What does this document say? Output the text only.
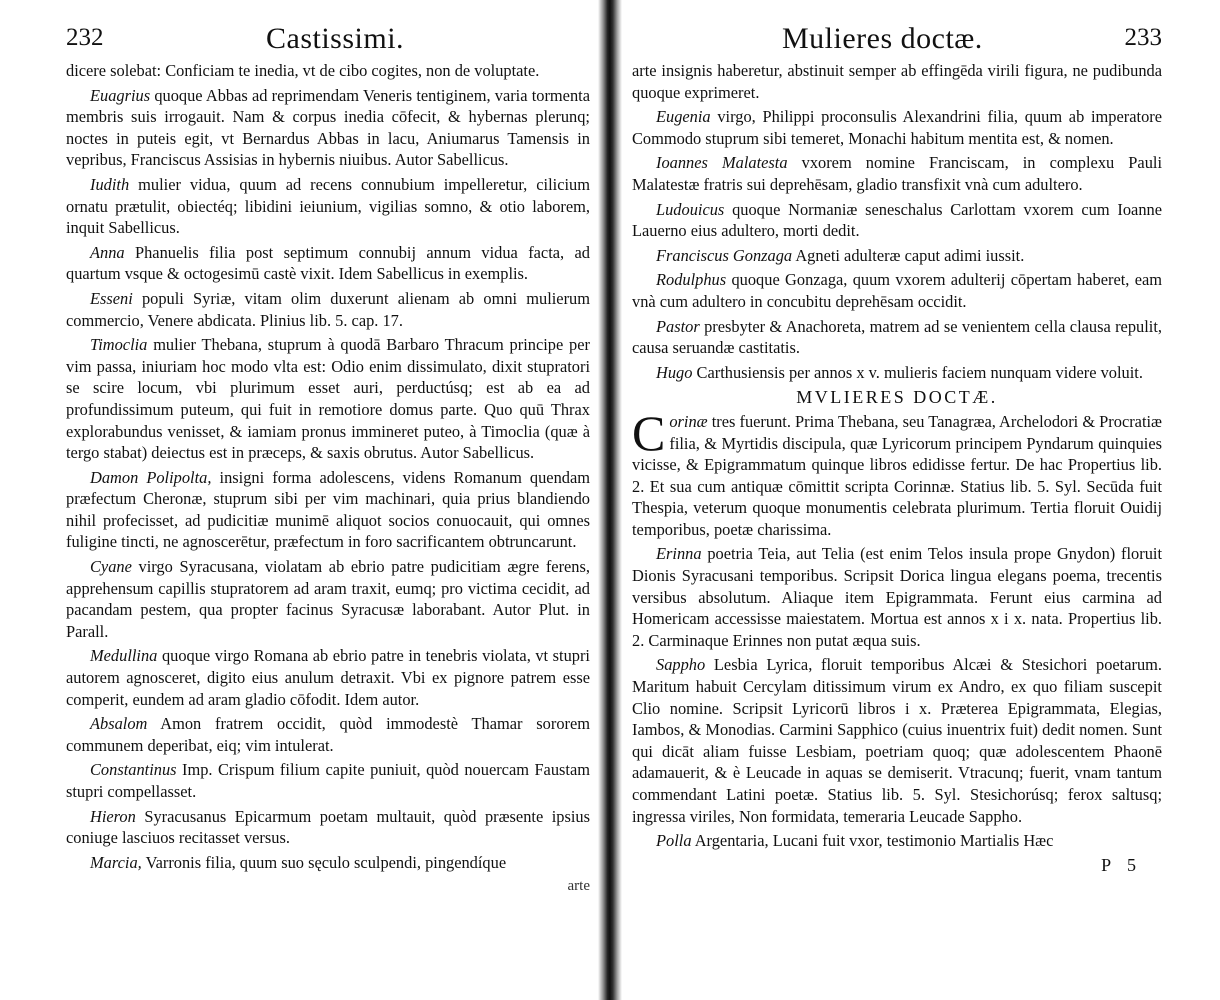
232	Castissimi.

dicere solebat: Conficiam te inedia, vt de cibo cogites, non de voluptate.

Euagrius quoque Abbas ad reprimendam Veneris tentiginem, varia tormenta membris suis irrogauit. Nam & corpus inedia cōfecit, & hybernas plerunq; noctes in puteis egit, vt Bernardus Abbas in lacu, Aniumarus Tamensis in vepribus, Franciscus Assisias in hybernis niuibus. Autor Sabellicus.

Iudith mulier vidua, quum ad recens connubium impelleretur, cilicium ornatu prætulit, obiectéq; libidini ieiunium, vigilias somno, & otio laborem, inquit Sabellicus.

Anna Phanuelis filia post septimum connubij annum vidua facta, ad quartum vsque & octogesimū castè vixit. Idem Sabellicus in exemplis.

Esseni populi Syriæ, vitam olim duxerunt alienam ab omni mulierum commercio, Venere abdicata. Plinius lib. 5. cap. 17.

Timoclia mulier Thebana, stuprum à quodā Barbaro Thracum principe per vim passa, iniuriam hoc modo vlta est: Odio enim dissimulato, dixit stupratori se scire locum, vbi plurimum esset auri, perductúsq; est ab ea ad profundissimum puteum, qui fuit in remotiore domus parte. Quo quū Thrax explorabundus venisset, & iamiam pronus immineret puteo, à Timoclia (quæ à tergo stabat) deiectus est in præceps, & saxis obrutus. Autor Sabellicus.

Damon Polipolta, insigni forma adolescens, videns Romanum quendam præfectum Cheronæ, stuprum sibi per vim machinari, quia prius blandiendo nihil profecisset, ad pudicitiæ munimē aliquot socios conuocauit, qui omnes fuligine tincti, ne agnoscerētur, præfectum in foro sacrificantem obtruncarunt.

Cyane virgo Syracusana, violatam ab ebrio patre pudicitiam ægre ferens, apprehensum capillis stupratorem ad aram traxit, eumq; pro victima cecidit, ad pacandam pestem, qua propter facinus Syracusæ laborabant. Autor Plut. in Parall.

Medullina quoque virgo Romana ab ebrio patre in tenebris violata, vt stupri autorem agnosceret, digito eius anulum detraxit. Vbi ex pignore patrem esse comperit, eundem ad aram gladio cōfodit. Idem autor.

Absalom Amon fratrem occidit, quòd immodestè Thamar sororem communem deperibat, eiq; vim intulerat.

Constantinus Imp. Crispum filium capite puniuit, quòd nouercam Faustam stupri compellasset.

Hieron Syracusanus Epicarmum poetam multauit, quòd præsente ipsius coniuge lasciuos recitasset versus.

Marcia, Varronis filia, quum suo sęculo sculpendi, pingendíque

arte
Mulieres doctæ.	233

arte insignis haberetur, abstinuit semper ab effingēda virili figura, ne pudibunda quoque exprimeret.

Eugenia virgo, Philippi proconsulis Alexandrini filia, quum ab imperatore Commodo stuprum sibi temeret, Monachi habitum mentita est, & nomen.

Ioannes Malatesta vxorem nomine Franciscam, in complexu Pauli Malatestæ fratris sui deprehēsam, gladio transfixit vnà cum adultero.

Ludouicus quoque Normaniæ seneschalus Carlottam vxorem cum Ioanne Lauerno eius adultero, morti dedit.

Franciscus Gonzaga Agneti adulteræ caput adimi iussit.

Rodulphus quoque Gonzaga, quum vxorem adulterij cōpertam haberet, eam vnà cum adultero in concubitu deprehēsam occidit.

Pastor presbyter & Anachoreta, matrem ad se venientem cella clausa repulit, causa seruandæ castitatis.

Hugo Carthusiensis per annos x v. mulieris faciem nunquam videre voluit.

MVLIERES DOCTÆ.

Corinæ tres fuerunt. Prima Thebana, seu Tanagræa, Archelodori & Procratiæ filia, & Myrtidis discipula, quæ Lyricorum principem Pyndarum quinquies vicisse, & Epigrammatum quinque libros edidisse fertur. De hac Propertius lib. 2. Et sua cum antiquæ cōmittit scripta Corinnæ. Statius lib. 5. Syl. Secūda fuit Thespia, veterum quoque monumentis celebrata plurimum. Tertia floruit Ouidij temporibus, poetæ charissima.

Erinna poetria Teia, aut Telia (est enim Telos insula prope Gnydon) floruit Dionis Syracusani temporibus. Scripsit Dorica lingua elegans poema, trecentis versibus absolutum. Aliaque item Epigrammata. Ferunt eius carmina ad Homericam accessisse maiestatem. Mortua est annos x i x. nata. Propertius lib. 2. Carminaque Erinnes non putat æqua suis.

Sappho Lesbia Lyrica, floruit temporibus Alcæi & Stesichori poetarum. Maritum habuit Cercylam ditissimum virum ex Andro, ex quo filiam suscepit Clio nomine. Scripsit Lyricorū libros i x. Præterea Epigrammata, Elegias, Iambos, & Monodias. Carmini Sapphico (cuius inuentrix fuit) dedit nomen. Sunt qui dicāt aliam fuisse Lesbiam, poetriam quoq; quæ adolescentem Phaonē adamauerit, & è Leucade in aquas se demiserit. Vtracunq; fuerit, vnam tantum commendant Latini poetæ. Statius lib. 5. Syl. Stesichorúsq; ferox saltusq; ingressa viriles, Non formidata, temeraria Leucade Sappho.

Polla Argentaria, Lucani fuit vxor, testimonio Martialis Hæc

P 5
